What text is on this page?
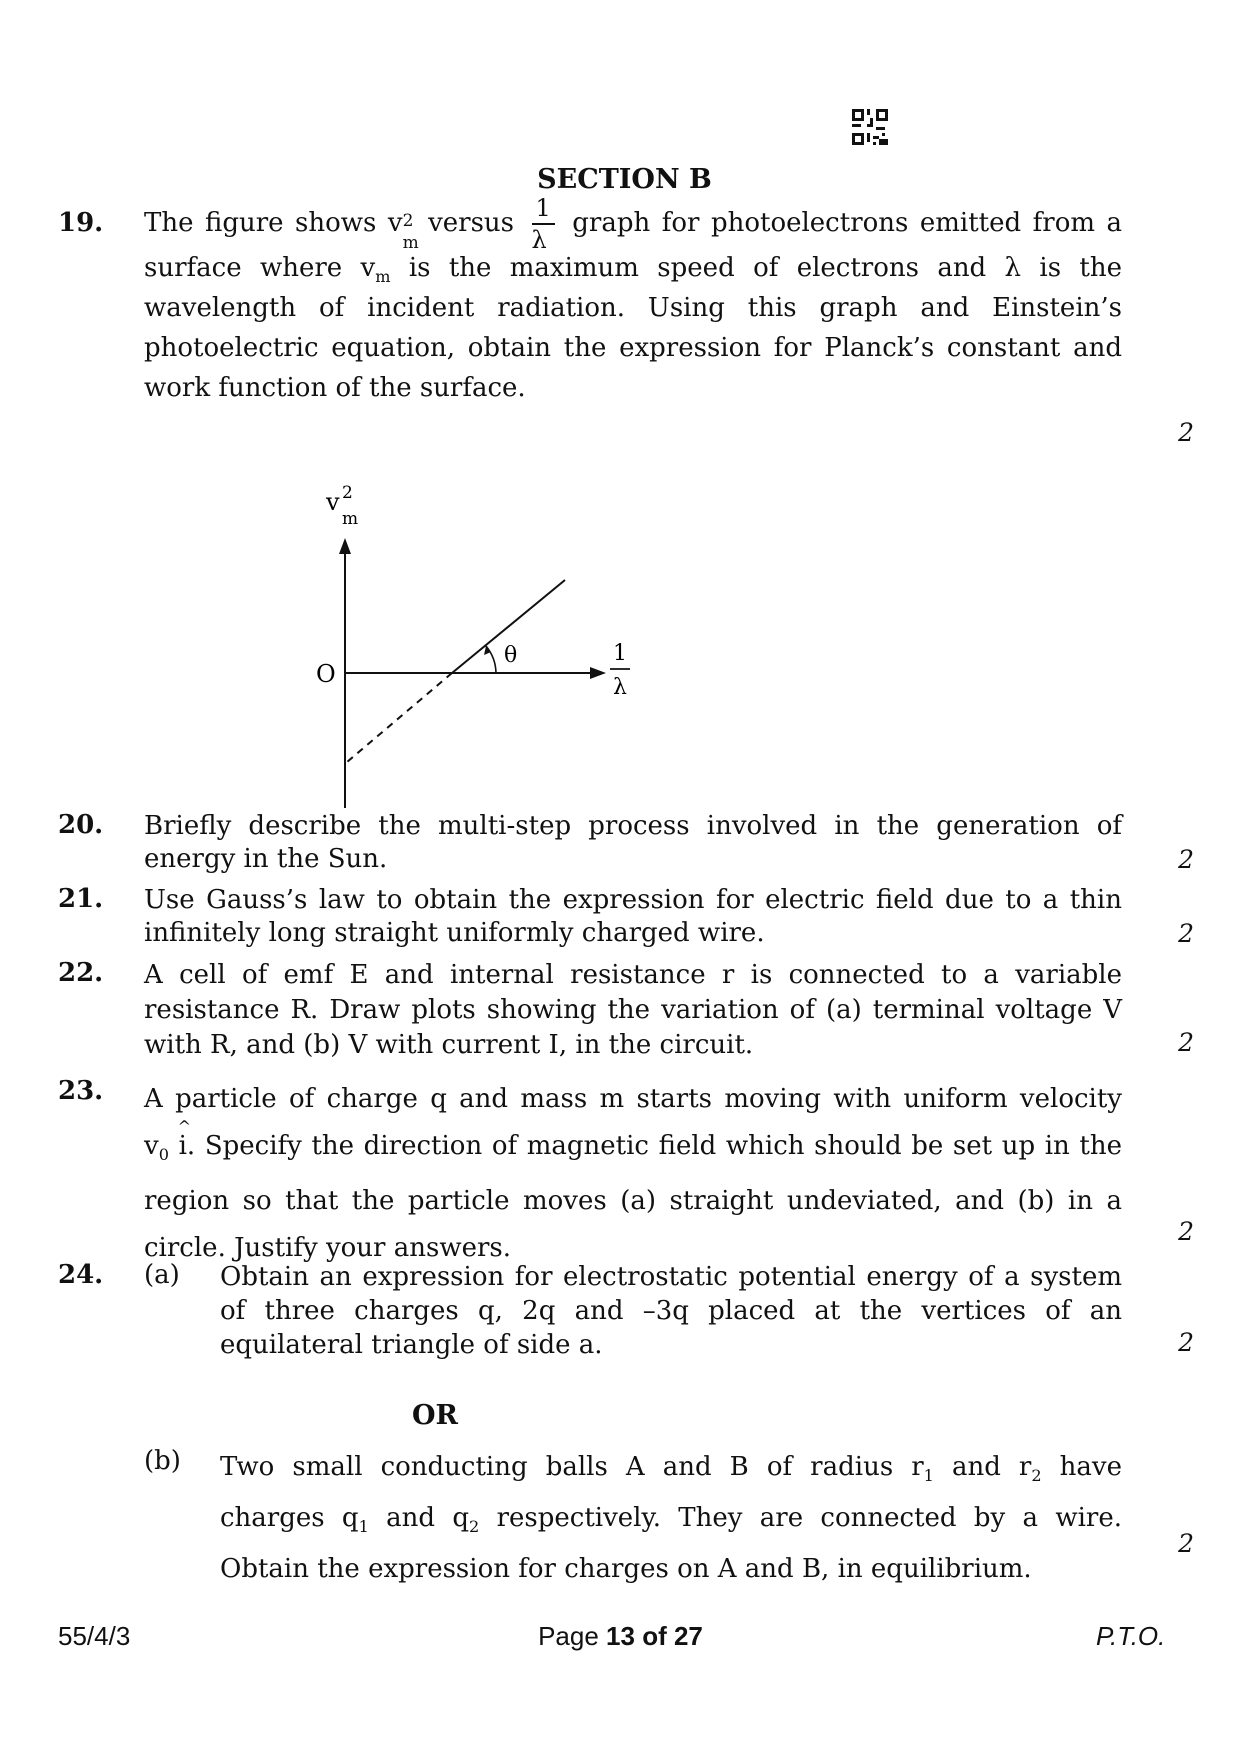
SECTION B
19. The figure shows v 2
m
versus $\frac{1}{\lambda}$ graph for photoelectrons emitted from a
surface where $v_m$ is the maximum speed of electrons and λ is the
wavelength of incident radiation. Using this graph and Einstein’s
photoelectric equation, obtain the expression for Planck’s constant and
work function of the surface.
2
v 2
m
O
θ	1
λ
20. Briefly describe the multi-step process involved in the generation of
energy in the Sun.	2
21. Use Gauss’s law to obtain the expression for electric field due to a thin
infinitely long straight uniformly charged wire.	2
22. A cell of emf E and internal resistance r is connected to a variable
resistance R. Draw plots showing the variation of (a) terminal voltage V
with R, and (b) V with current I, in the circuit.	2
23. A particle of charge q and mass m starts moving with uniform velocity
$v_0$
^
i. Specify the direction of magnetic field which should be set up in the
region so that the particle moves (a) straight undeviated, and (b) in a
circle. Justify your answers.
2
24. (a) Obtain an expression for electrostatic potential energy of a system
of three charges q, 2q and –3q placed at the vertices of an
equilateral triangle of side a.	2
OR
(b) Two small conducting balls A and B of radius $r_1$ and $r_2$ have
charges $q_1$ and $q_2$ respectively. They are connected by a wire.
Obtain the expression for charges on A and B, in equilibrium.
2
55/4/3	Page 13 of 27	P.T.O.
